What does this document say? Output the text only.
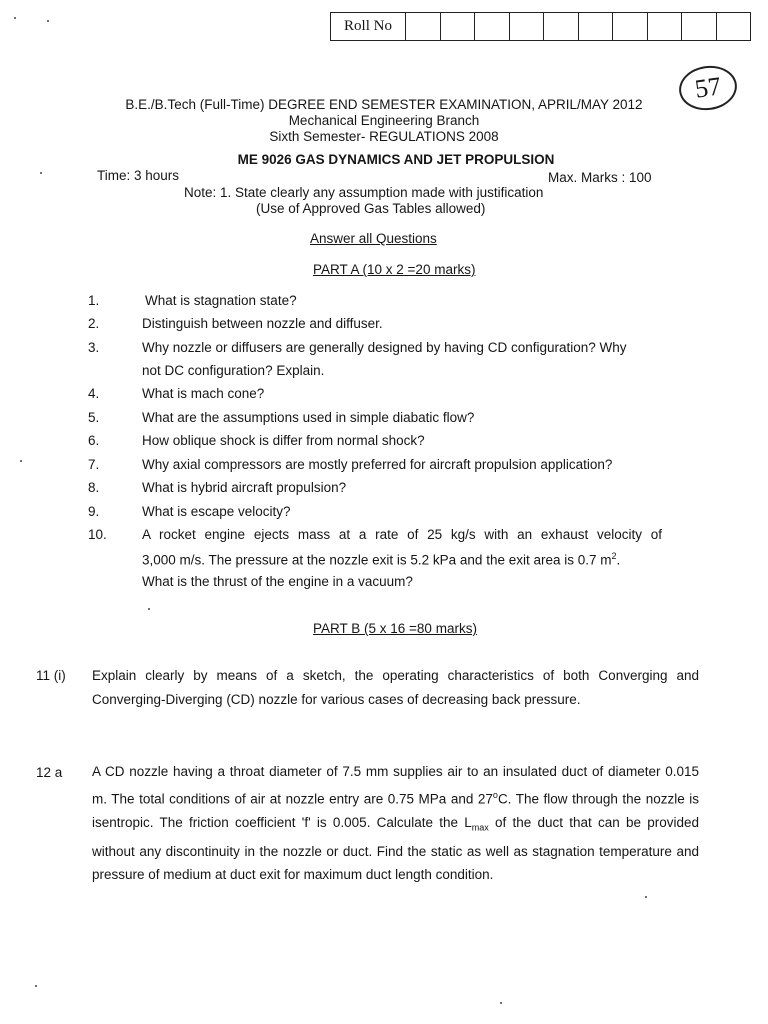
Roll No
57
B.E./B.Tech (Full-Time) DEGREE END SEMESTER EXAMINATION, APRIL/MAY 2012
Mechanical Engineering Branch
Sixth Semester- REGULATIONS 2008
ME 9026 GAS DYNAMICS AND JET PROPULSION
Time: 3 hours	Max. Marks : 100
Note: 1. State clearly any assumption made with justification
(Use of Approved Gas Tables allowed)
Answer all Questions
PART A (10 x 2 =20 marks)
1.	What is stagnation state?
2.	Distinguish between nozzle and diffuser.
3.	Why nozzle or diffusers are generally designed by having CD configuration? Why
not DC configuration? Explain.
4.	What is mach cone?
5.	What are the assumptions used in simple diabatic flow?
6.	How oblique shock is differ from normal shock?
7.	Why axial compressors are mostly preferred for aircraft propulsion application?
8.	What is hybrid aircraft propulsion?
9.	What is escape velocity?
10.	A rocket engine ejects mass at a rate of 25 kg/s with an exhaust velocity of
3,000 m/s. The pressure at the nozzle exit is 5.2 kPa and the exit area is 0.7 $m^2$.
What is the thrust of the engine in a vacuum?
PART B (5 x 16 =80 marks)
11 (i) Explain clearly by means of a sketch, the operating characteristics of both Converging and Converging-Diverging (CD) nozzle for various cases of decreasing back pressure.
12 a A CD nozzle having a throat diameter of 7.5 mm supplies air to an insulated duct of diameter 0.015 m. The total conditions of air at nozzle entry are 0.75 MPa and 27$^o$C. The flow through the nozzle is isentropic. The friction coefficient 'f' is 0.005. Calculate the $L_{max}$ of the duct that can be provided without any discontinuity in the nozzle or duct. Find the static as well as stagnation temperature and pressure of medium at duct exit for maximum duct length condition.
